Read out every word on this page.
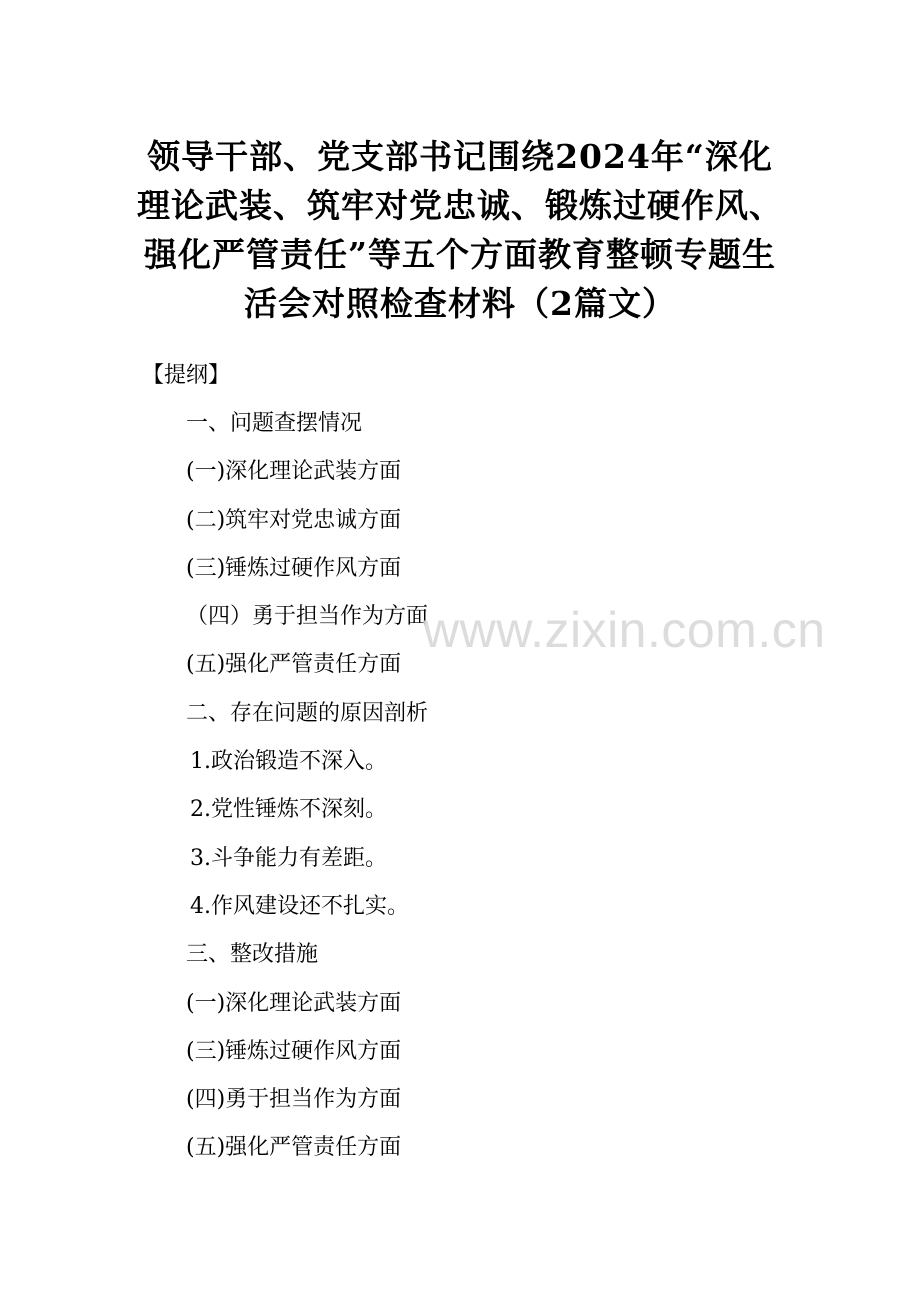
领导干部、党支部书记围绕2024年“深化
理论武装、筑牢对党忠诚、锻炼过硬作风、
强化严管责任”等五个方面教育整顿专题生
活会对照检查材料（2篇文）
【提纲】
一、问题查摆情况
(一)深化理论武装方面
(二)筑牢对党忠诚方面
(三)锤炼过硬作风方面
（四）勇于担当作为方面
(五)强化严管责任方面
二、存在问题的原因剖析
1.政治锻造不深入。
2.党性锤炼不深刻。
3.斗争能力有差距。
4.作风建设还不扎实。
三、整改措施
(一)深化理论武装方面
(三)锤炼过硬作风方面
(四)勇于担当作为方面
(五)强化严管责任方面
www.zixin.com.cn
